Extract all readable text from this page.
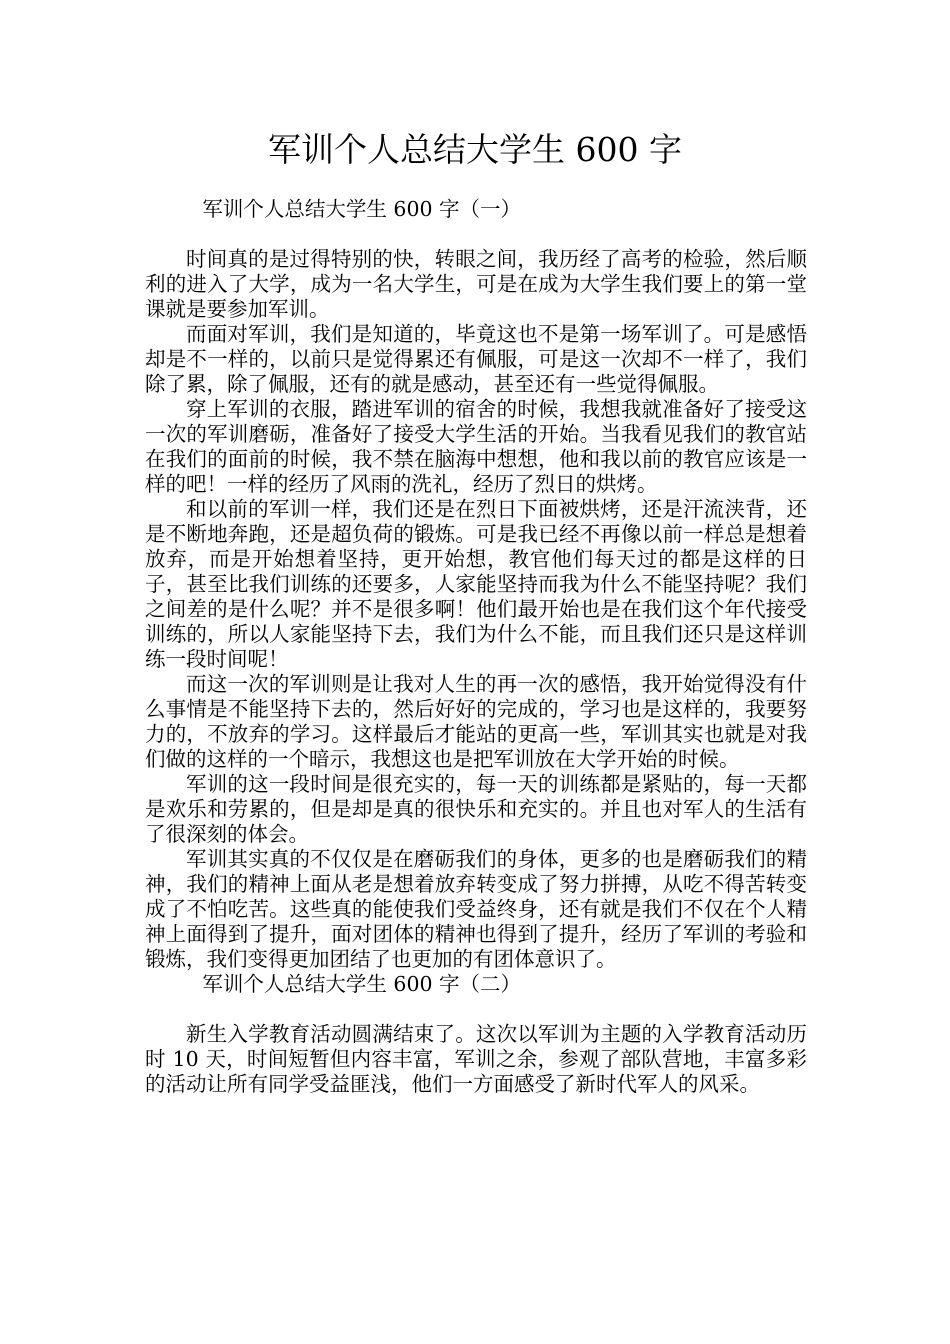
军训个人总结大学生 600 字

军训个人总结大学生 600 字（一）

时间真的是过得特别的快，转眼之间，我历经了高考的检验，然后顺利的进入了大学，成为一名大学生，可是在成为大学生我们要上的第一堂课就是要参加军训。

而面对军训，我们是知道的，毕竟这也不是第一场军训了。可是感悟却是不一样的，以前只是觉得累还有佩服，可是这一次却不一样了，我们除了累，除了佩服，还有的就是感动，甚至还有一些觉得佩服。

穿上军训的衣服，踏进军训的宿舍的时候，我想我就准备好了接受这一次的军训磨砺，准备好了接受大学生活的开始。当我看见我们的教官站在我们的面前的时候，我不禁在脑海中想想，他和我以前的教官应该是一样的吧！一样的经历了风雨的洗礼，经历了烈日的烘烤。

和以前的军训一样，我们还是在烈日下面被烘烤，还是汗流浃背，还是不断地奔跑，还是超负荷的锻炼。可是我已经不再像以前一样总是想着放弃，而是开始想着坚持，更开始想，教官他们每天过的都是这样的日子，甚至比我们训练的还要多，人家能坚持而我为什么不能坚持呢？我们之间差的是什么呢？并不是很多啊！他们最开始也是在我们这个年代接受训练的，所以人家能坚持下去，我们为什么不能，而且我们还只是这样训练一段时间呢！

而这一次的军训则是让我对人生的再一次的感悟，我开始觉得没有什么事情是不能坚持下去的，然后好好的完成的，学习也是这样的，我要努力的，不放弃的学习。这样最后才能站的更高一些，军训其实也就是对我们做的这样的一个暗示，我想这也是把军训放在大学开始的时候。

军训的这一段时间是很充实的，每一天的训练都是紧贴的，每一天都是欢乐和劳累的，但是却是真的很快乐和充实的。并且也对军人的生活有了很深刻的体会。

军训其实真的不仅仅是在磨砺我们的身体，更多的也是磨砺我们的精神，我们的精神上面从老是想着放弃转变成了努力拼搏，从吃不得苦转变成了不怕吃苦。这些真的能使我们受益终身，还有就是我们不仅在个人精神上面得到了提升，面对团体的精神也得到了提升，经历了军训的考验和锻炼，我们变得更加团结了也更加的有团体意识了。

军训个人总结大学生 600 字（二）

新生入学教育活动圆满结束了。这次以军训为主题的入学教育活动历时 10 天，时间短暂但内容丰富，军训之余，参观了部队营地，丰富多彩的活动让所有同学受益匪浅，他们一方面感受了新时代军人的风采。
